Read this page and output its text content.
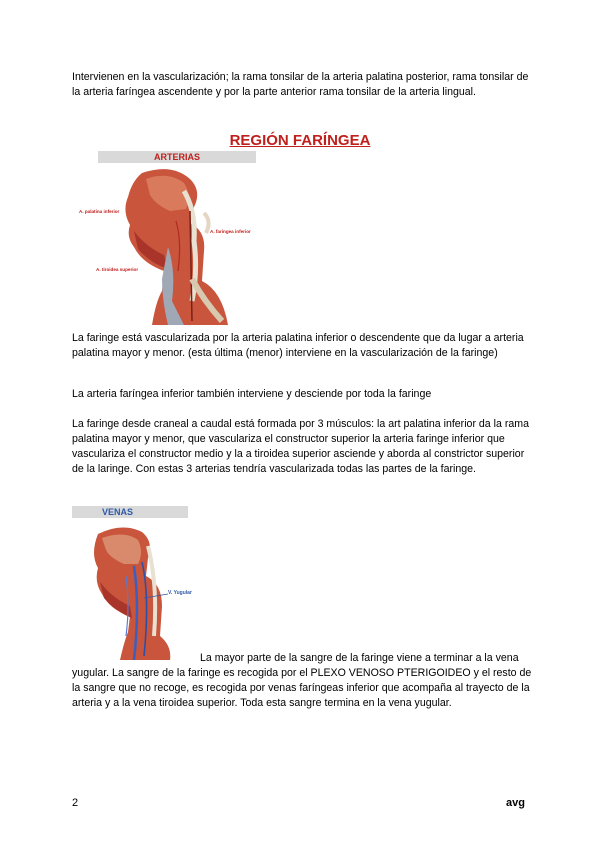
Intervienen en la vascularización; la rama tonsilar de la arteria palatina posterior, rama tonsilar de la arteria faríngea ascendente y por la parte anterior rama tonsilar de la arteria lingual.

REGIÓN FARÍNGEA
ARTERIAS
A. palatina inferior
A. faringea inferior
A. tiroidea superior

La faringe está vascularizada por la arteria palatina inferior o descendente que da lugar a arteria palatina mayor y menor. (esta última (menor) interviene en la vascularización de la faringe)

La arteria faríngea inferior también interviene y desciende por toda la faringe

La faringe desde craneal a caudal está formada por 3 músculos: la art palatina inferior da la rama palatina mayor y menor, que vasculariza el constructor superior la arteria faringe inferior que vasculariza el constructor medio y la a tiroidea superior asciende y aborda al constrictor superior de la laringe. Con estas 3 arterias tendría vascularizada todas las partes de la faringe.

VENAS
V. Yugular

La mayor parte de la sangre de la faringe viene a terminar a la vena yugular. La sangre de la faringe es recogida por el PLEXO VENOSO PTERIGOIDEO y el resto de la sangre que no recoge, es recogida por venas faríngeas inferior que acompaña al trayecto de la arteria y a la vena tiroidea superior. Toda esta sangre termina en la vena yugular.

2	avg
